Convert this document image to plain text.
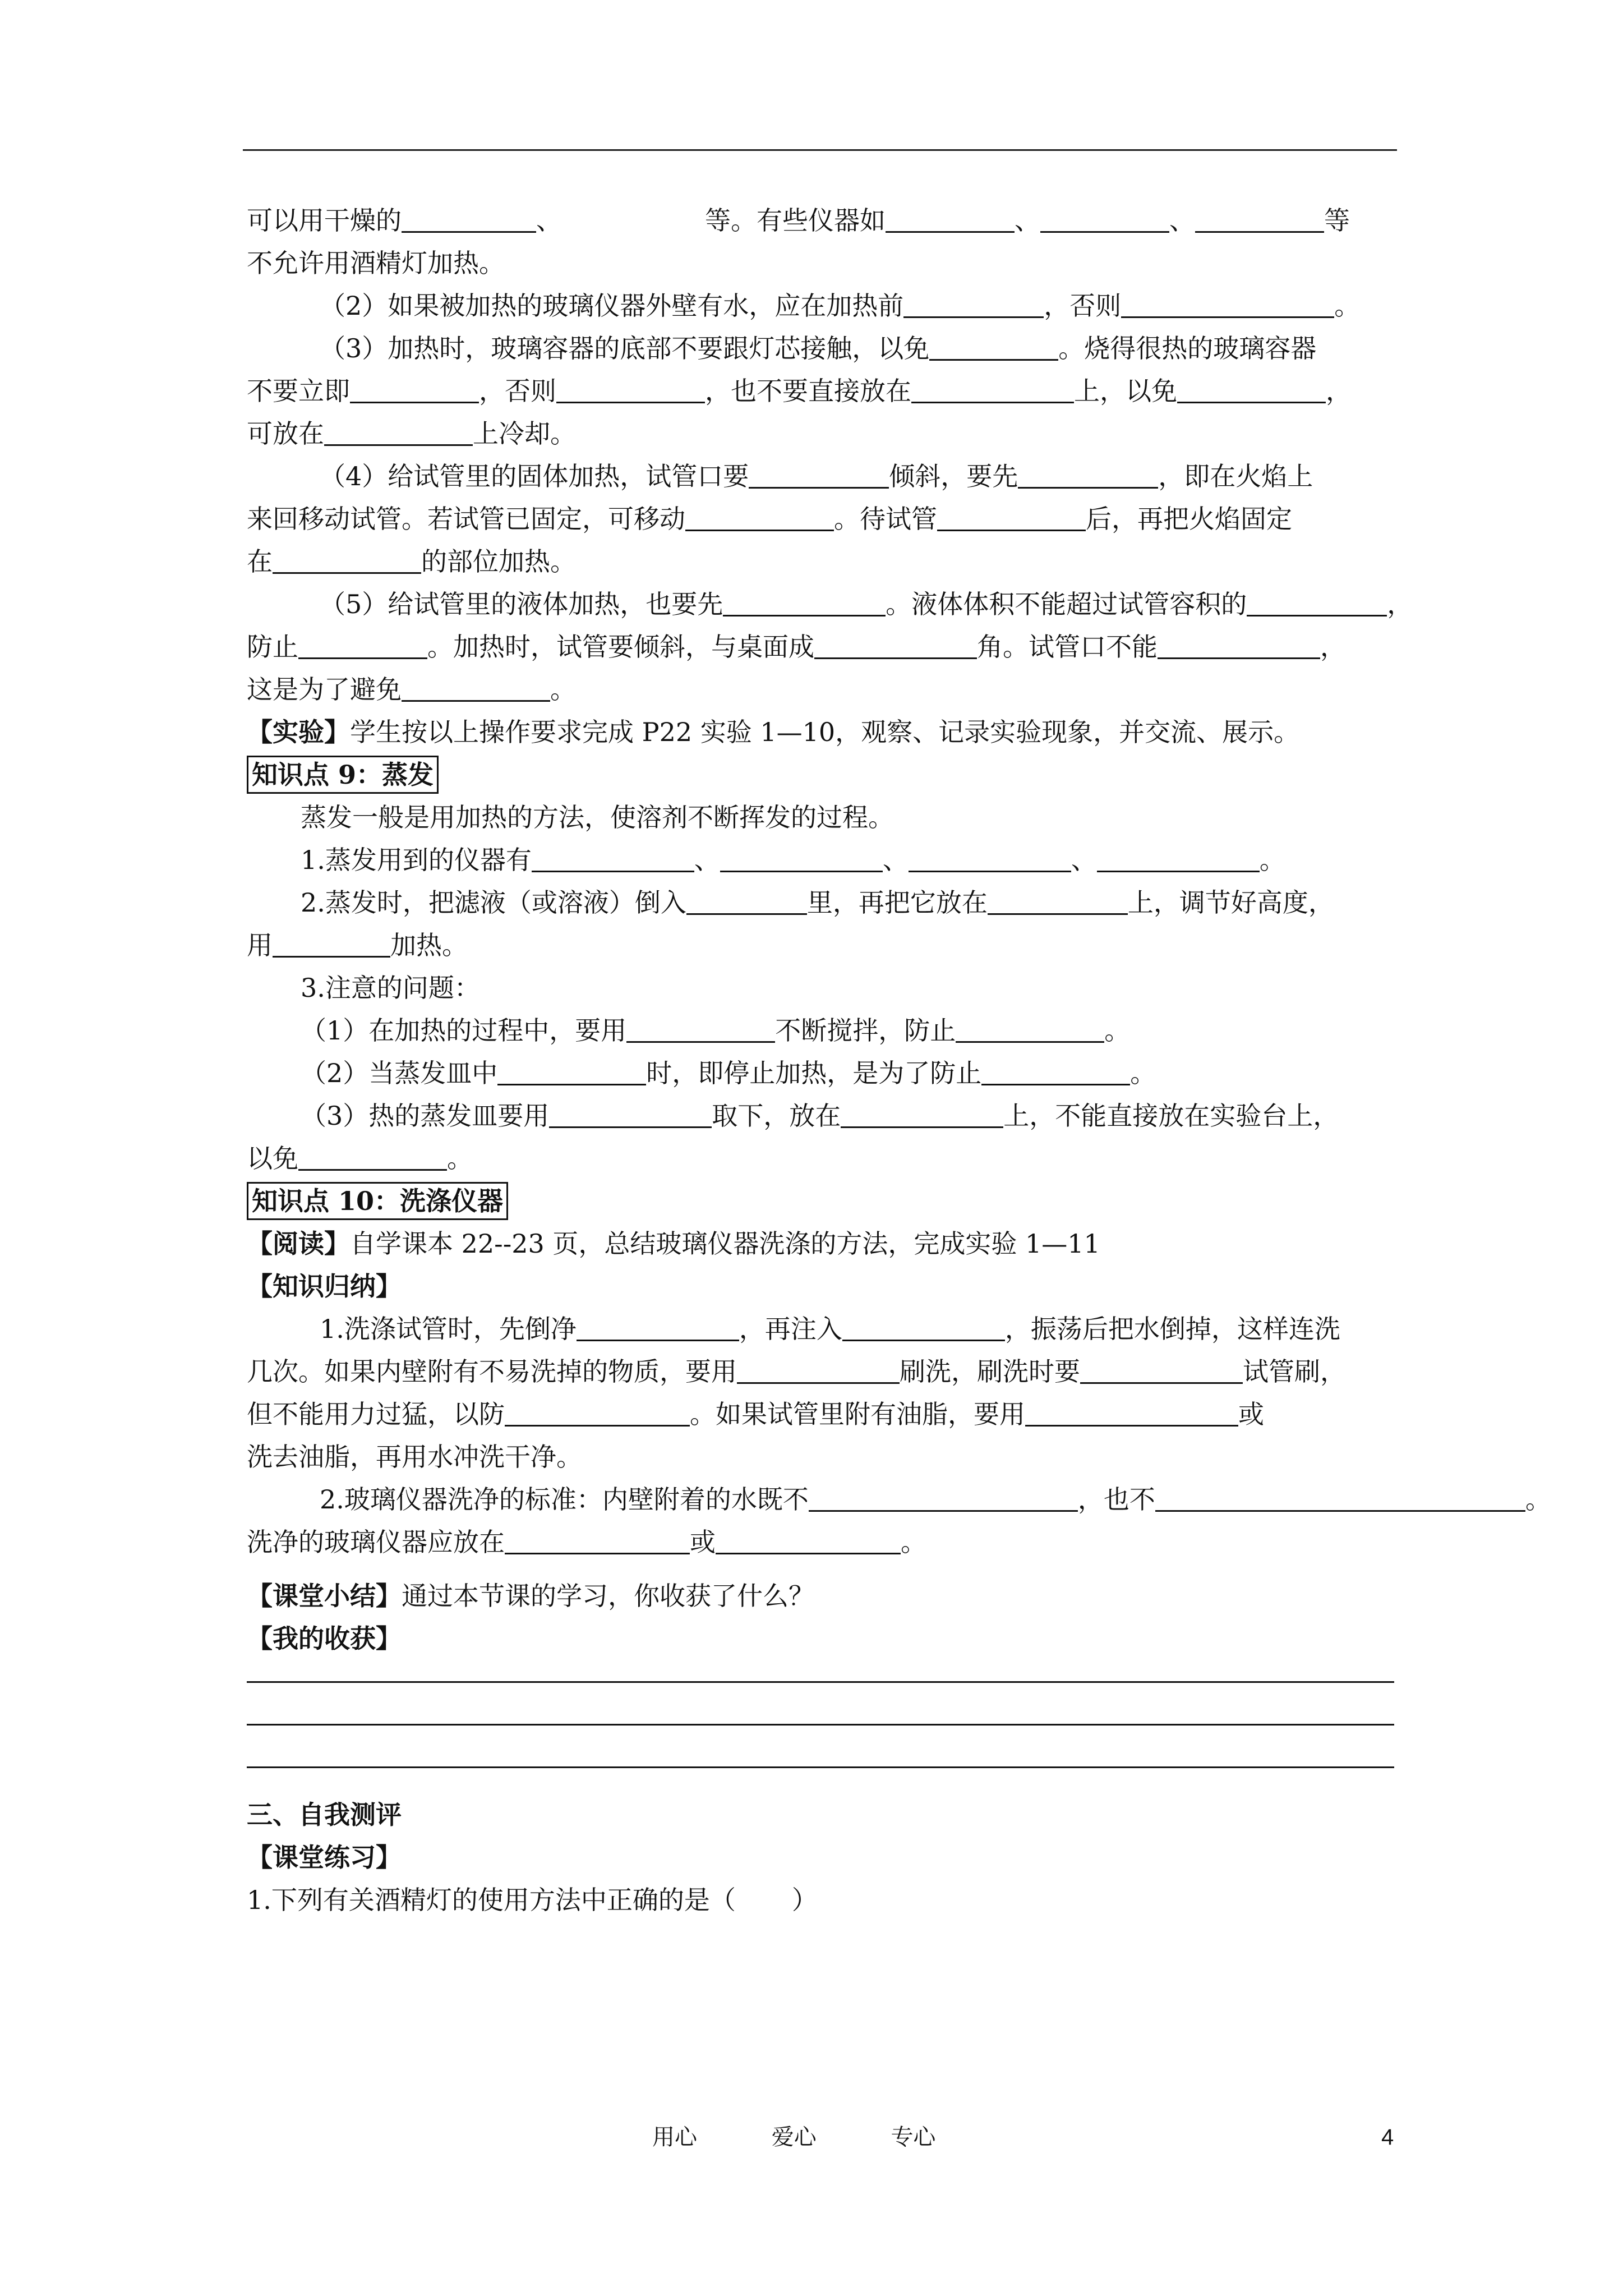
可以用干燥的	、	等。有些仪器如	、	、	等
不允许用酒精灯加热。
（2）如果被加热的玻璃仪器外壁有水，应在加热前	，否则	。
（3）加热时，玻璃容器的底部不要跟灯芯接触，以免	。烧得很热的玻璃容器
不要立即	，否则	，也不要直接放在	上，以免	，
可放在	上冷却。
（4）给试管里的固体加热，试管口要	倾斜，要先	，即在火焰上
来回移动试管。若试管已固定，可移动	。待试管	后，再把火焰固定
在	的部位加热。
（5）给试管里的液体加热，也要先	。液体体积不能超过试管容积的	，
防止	。加热时，试管要倾斜，与桌面成	角。试管口不能	，
这是为了避免	。
【实验】学生按以上操作要求完成 P22 实验 1—10，观察、记录实验现象，并交流、展示。
知识点 9：蒸发
蒸发一般是用加热的方法，使溶剂不断挥发的过程。
1.蒸发用到的仪器有	、	、	、	。
2.蒸发时，把滤液（或溶液）倒入	里，再把它放在	上，调节好高度，
用	加热。
3.注意的问题：
（1）在加热的过程中，要用	不断搅拌，防止	。
（2）当蒸发皿中	时，即停止加热，是为了防止	。
（3）热的蒸发皿要用	取下，放在	上，不能直接放在实验台上，
以免	。
知识点 10：洗涤仪器
【阅读】自学课本 22--23 页，总结玻璃仪器洗涤的方法，完成实验 1—11
【知识归纳】
1.洗涤试管时，先倒净	，再注入	，振荡后把水倒掉，这样连洗
几次。如果内壁附有不易洗掉的物质，要用	刷洗，刷洗时要	试管刷，
但不能用力过猛，以防	。如果试管里附有油脂，要用	或
洗去油脂，再用水冲洗干净。
2.玻璃仪器洗净的标准：内壁附着的水既不	，也不	。
洗净的玻璃仪器应放在	或	。
【课堂小结】通过本节课的学习，你收获了什么？
【我的收获】
三、自我测评
【课堂练习】
1.下列有关酒精灯的使用方法中正确的是（ ）
用心	爱心	专心	4
